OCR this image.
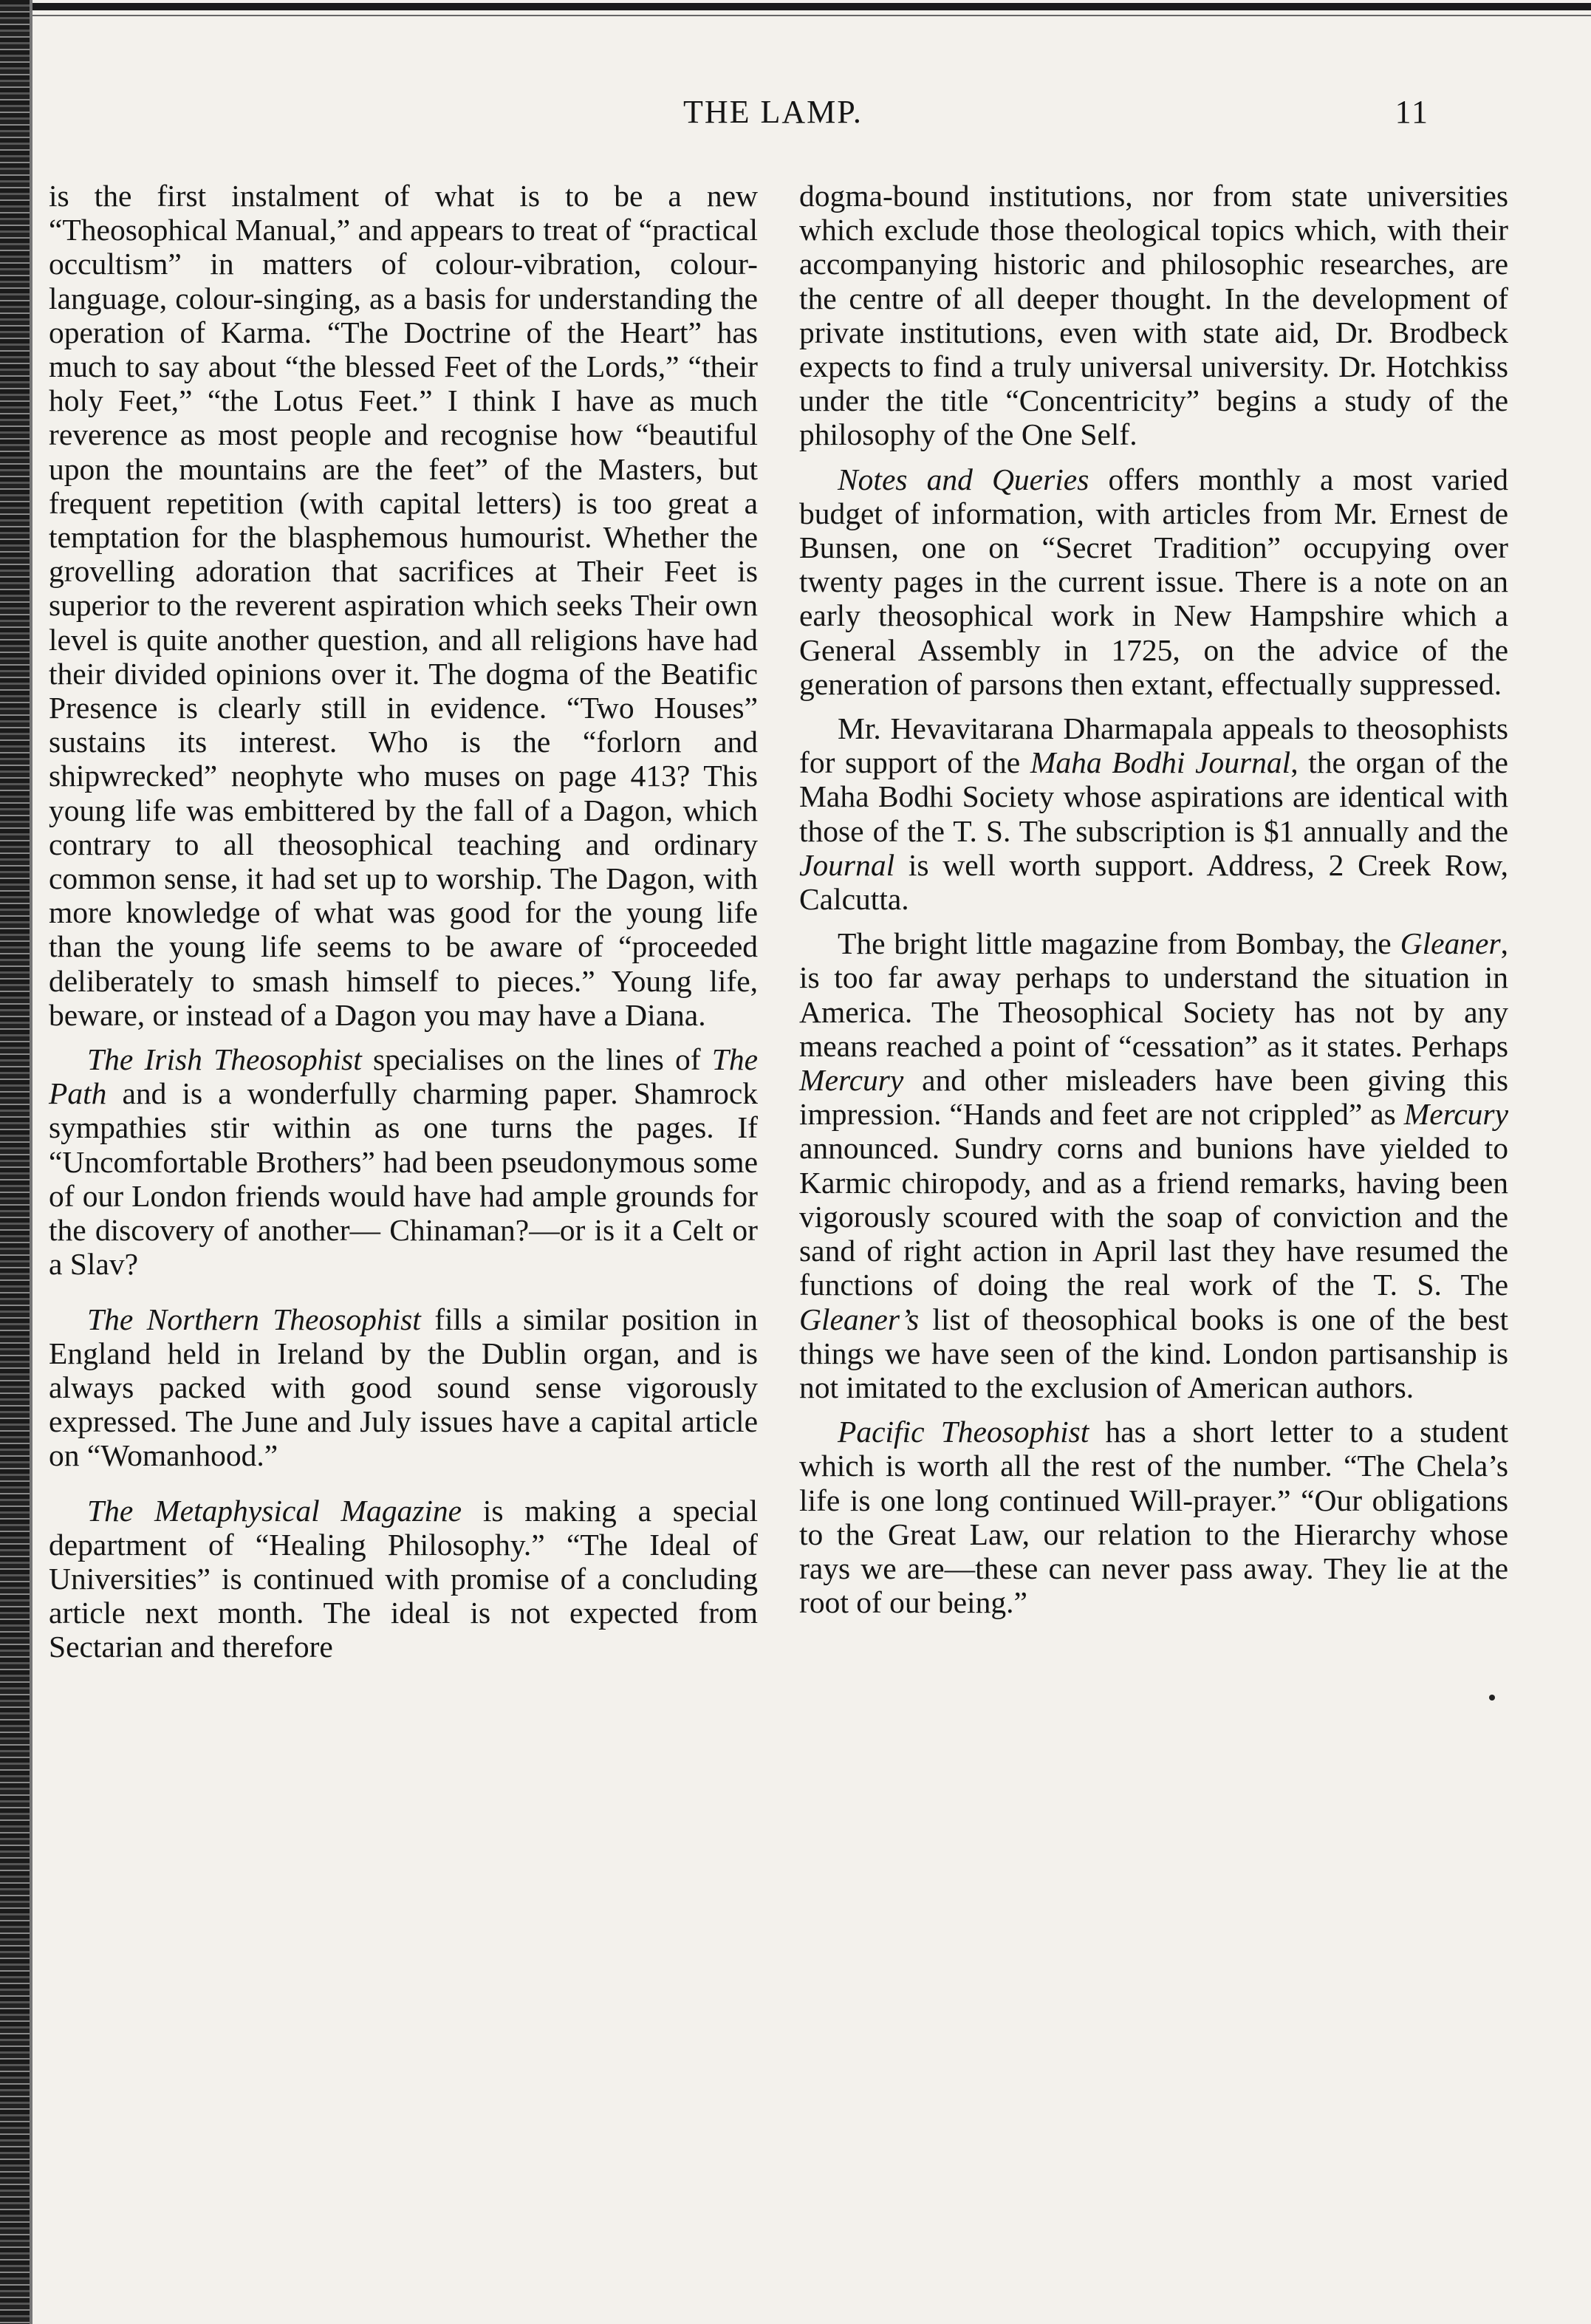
THE LAMP.	11

is the first instalment of what is to be a new “Theosophical Manual,” and appears to treat of “practical occultism” in matters of colour-vibration, colour-language, colour-singing, as a basis for understanding the operation of Karma. “The Doctrine of the Heart” has much to say about “the blessed Feet of the Lords,” “their holy Feet,” “the Lotus Feet.” I think I have as much reverence as most people and recognise how “beautiful upon the mountains are the feet” of the Masters, but frequent repetition (with capital letters) is too great a temptation for the blasphemous humourist. Whether the grovelling adoration that sacrifices at Their Feet is superior to the reverent aspiration which seeks Their own level is quite another question, and all religions have had their divided opinions over it. The dogma of the Beatific Presence is clearly still in evidence. “Two Houses” sustains its interest. Who is the “forlorn and shipwrecked” neophyte who muses on page 413? This young life was embittered by the fall of a Dagon, which contrary to all theosophical teaching and ordinary common sense, it had set up to worship. The Dagon, with more knowledge of what was good for the young life than the young life seems to be aware of “proceeded deliberately to smash himself to pieces.” Young life, beware, or instead of a Dagon you may have a Diana.

The Irish Theosophist specialises on the lines of The Path and is a wonderfully charming paper. Shamrock sympathies stir within as one turns the pages. If “Uncomfortable Brothers” had been pseudonymous some of our London friends would have had ample grounds for the discovery of another— Chinaman?—or is it a Celt or a Slav?

The Northern Theosophist fills a similar position in England held in Ireland by the Dublin organ, and is always packed with good sound sense vigorously expressed. The June and July issues have a capital article on “Womanhood.”

The Metaphysical Magazine is making a special department of “Healing Philosophy.” “The Ideal of Universities” is continued with promise of a concluding article next month. The ideal is not expected from Sectarian and therefore

dogma-bound institutions, nor from state universities which exclude those theological topics which, with their accompanying historic and philosophic researches, are the centre of all deeper thought. In the development of private institutions, even with state aid, Dr. Brodbeck expects to find a truly universal university. Dr. Hotchkiss under the title “Concentricity” begins a study of the philosophy of the One Self.

Notes and Queries offers monthly a most varied budget of information, with articles from Mr. Ernest de Bunsen, one on “Secret Tradition” occupying over twenty pages in the current issue. There is a note on an early theosophical work in New Hampshire which a General Assembly in 1725, on the advice of the generation of parsons then extant, effectually suppressed.

Mr. Hevavitarana Dharmapala appeals to theosophists for support of the Maha Bodhi Journal, the organ of the Maha Bodhi Society whose aspirations are identical with those of the T. S. The subscription is $1 annually and the Journal is well worth support. Address, 2 Creek Row, Calcutta.

The bright little magazine from Bombay, the Gleaner, is too far away perhaps to understand the situation in America. The Theosophical Society has not by any means reached a point of “cessation” as it states. Perhaps Mercury and other misleaders have been giving this impression. “Hands and feet are not crippled” as Mercury announced. Sundry corns and bunions have yielded to Karmic chiropody, and as a friend remarks, having been vigorously scoured with the soap of conviction and the sand of right action in April last they have resumed the functions of doing the real work of the T. S. The Gleaner’s list of theosophical books is one of the best things we have seen of the kind. London partisanship is not imitated to the exclusion of American authors.

Pacific Theosophist has a short letter to a student which is worth all the rest of the number. “The Chela’s life is one long continued Will-prayer.” “Our obligations to the Great Law, our relation to the Hierarchy whose rays we are—these can never pass away. They lie at the root of our being.”
